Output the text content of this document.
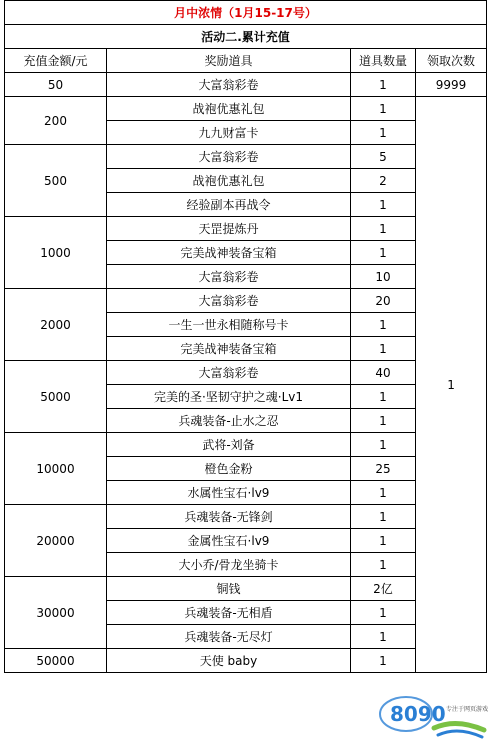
月中浓情（1月15-17号）			
活动二.累计充值			
充值金额/元	奖励道具	道具数量	领取次数
50	大富翁彩卷	1	9999
200	战袍优惠礼包	1	1
	九九财富卡	1	
500	大富翁彩卷	5	
	战袍优惠礼包	2	
	经验副本再战令	1	
1000	天罡提炼丹	1	
	完美战神装备宝箱	1	
	大富翁彩卷	10	
2000	大富翁彩卷	20	
	一生一世永相随称号卡	1	
	完美战神装备宝箱	1	
5000	大富翁彩卷	40	
	完美的圣·坚韧守护之魂·Lv1	1	
	兵魂装备-止水之忍	1	
10000	武将-刘备	1	
	橙色金粉	25	
	水属性宝石·lv9	1	
20000	兵魂装备-无锋剑	1	
	金属性宝石·lv9	1	
	大小乔/骨龙坐骑卡	1	
30000	铜钱	2亿	
	兵魂装备-无相盾	1	
	兵魂装备-无尽灯	1	
50000	天使 baby	1	
8090 专注于网页游戏
